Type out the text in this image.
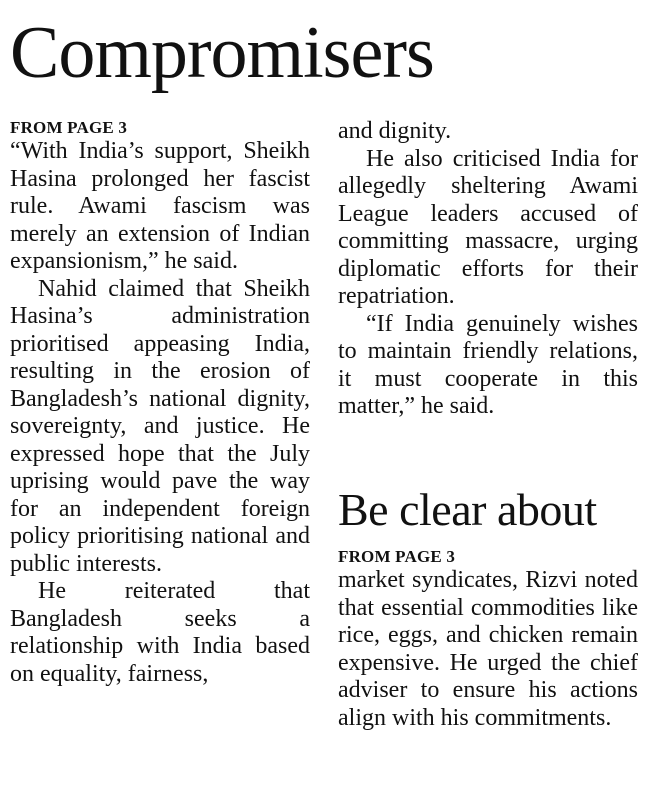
Compromisers

FROM PAGE 3

“With India’s support, Sheikh Hasina prolonged her fascist rule. Awami fascism was merely an extension of Indian expansionism,” he said.

Nahid claimed that Sheikh Hasina’s administration prioritised appeasing India, resulting in the erosion of Bangladesh’s national dignity, sovereignty, and justice. He expressed hope that the July uprising would pave the way for an independent foreign policy prioritising national and public interests.

He reiterated that Bangladesh seeks a relationship with India based on equality, fairness,

and dignity.

He also criticised India for allegedly sheltering Awami League leaders accused of committing massacre, urging diplomatic efforts for their repatriation.

“If India genuinely wishes to maintain friendly relations, it must cooperate in this matter,” he said.

Be clear about

FROM PAGE 3

market syndicates, Rizvi noted that essential commodities like rice, eggs, and chicken remain expensive. He urged the chief adviser to ensure his actions align with his commitments.
